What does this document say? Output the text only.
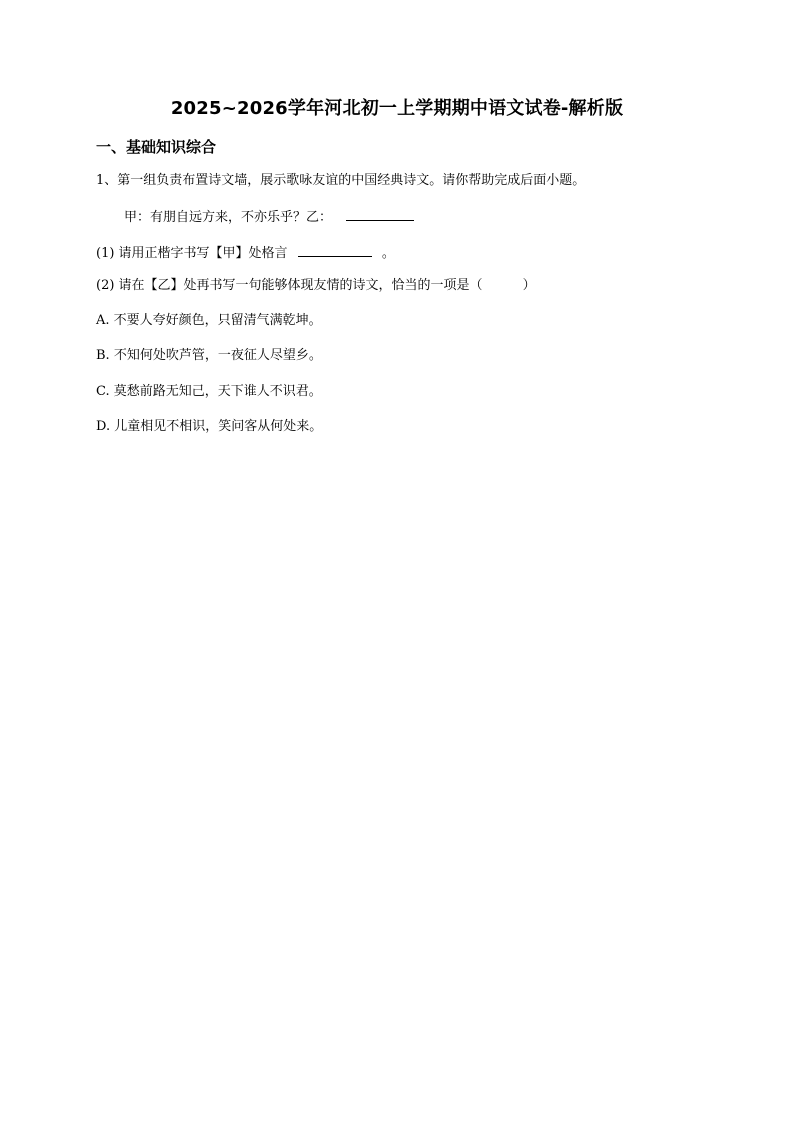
2025~2026学年河北初一上学期期中语文试卷-解析版
一、基础知识综合
1、第一组负责布置诗文墙，展示歌咏友谊的中国经典诗文。请你帮助完成后面小题。
甲：有朋自远方来，不亦乐乎？乙：
(1) 请用正楷字书写【甲】处格言	。
(2) 请在【乙】处再书写一句能够体现友情的诗文，恰当的一项是（	）
A. 不要人夸好颜色，只留清气满乾坤。
B. 不知何处吹芦管，一夜征人尽望乡。
C. 莫愁前路无知己，天下谁人不识君。
D. 儿童相见不相识，笑问客从何处来。
